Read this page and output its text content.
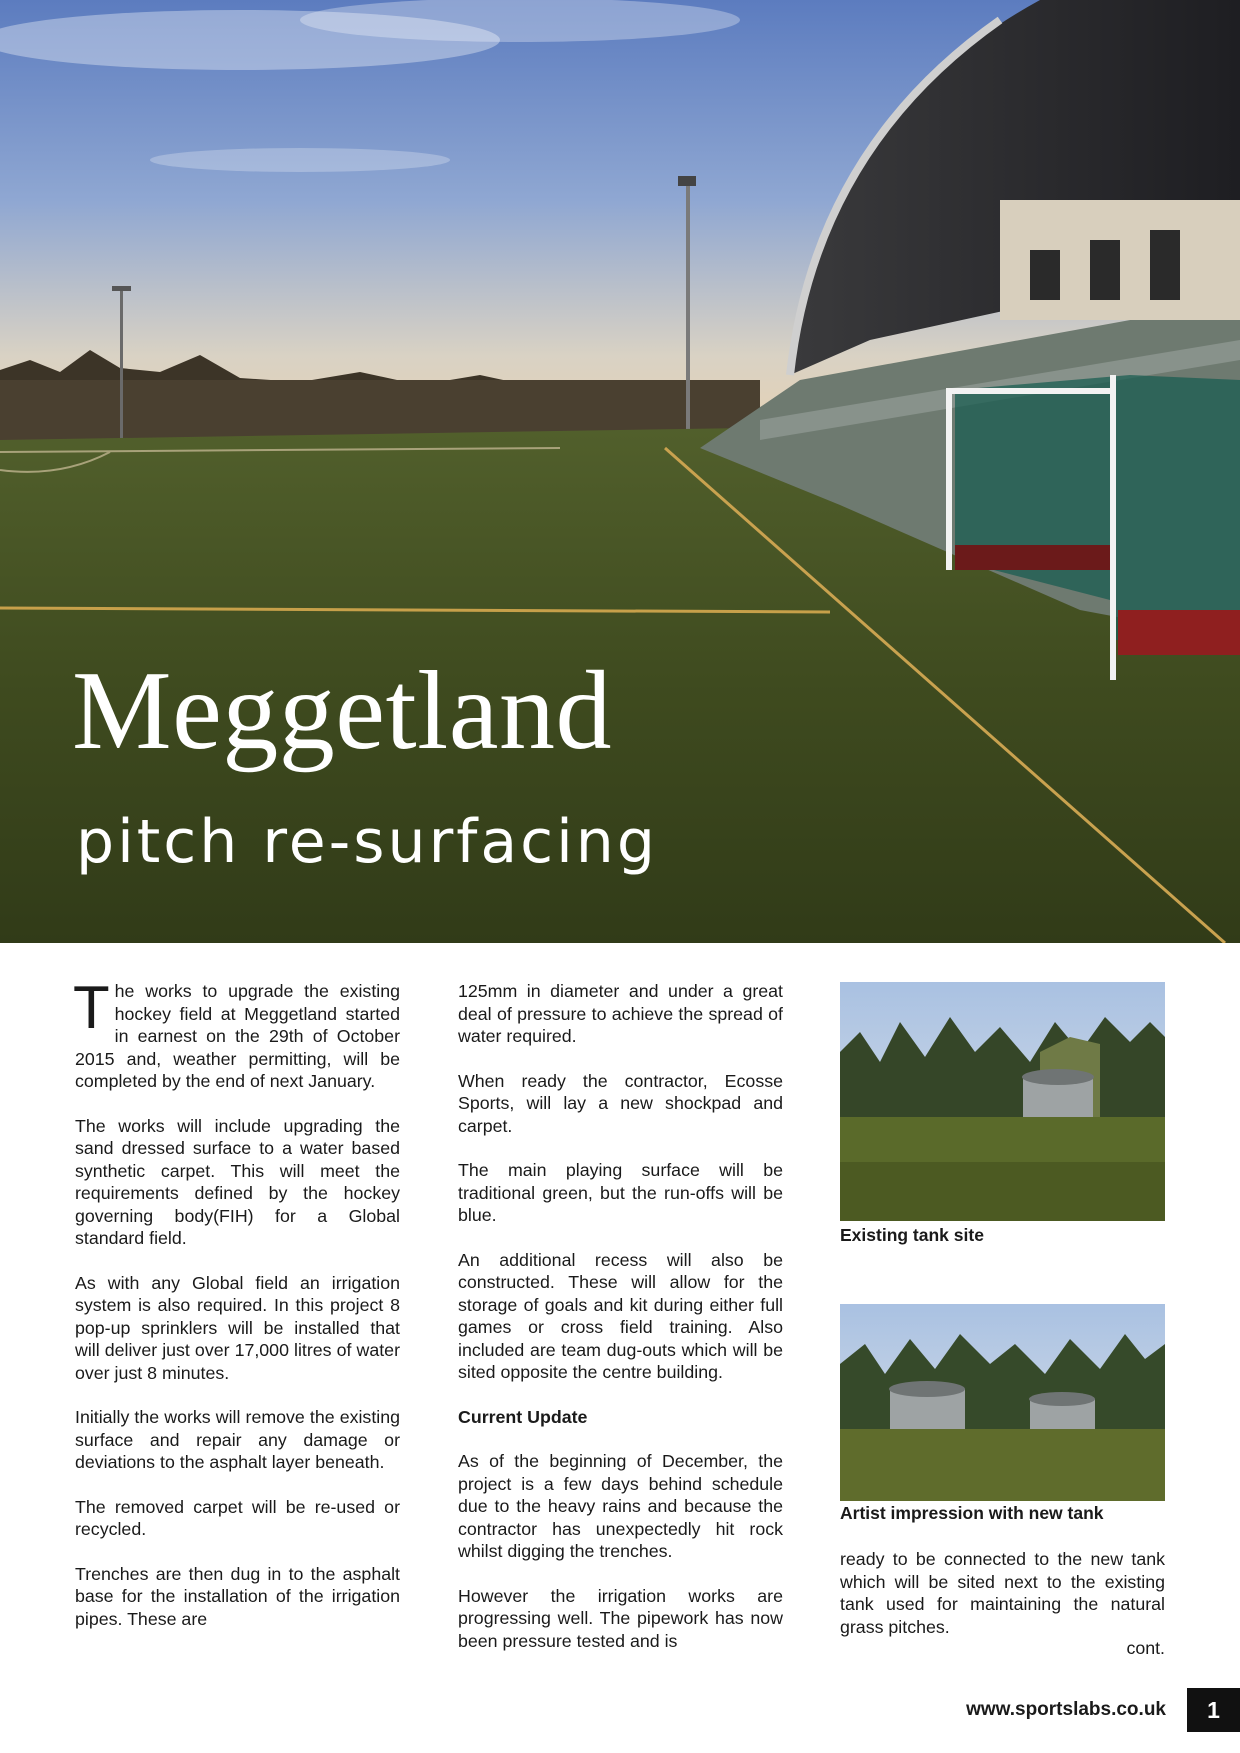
Meggetland
pitch re-surfacing

The works to upgrade the existing hockey field at Meggetland started in earnest on the 29th of October 2015 and, weather permitting, will be completed by the end of next January.

The works will include upgrading the sand dressed surface to a water based synthetic carpet. This will meet the requirements defined by the hockey governing body(FIH) for a Global standard field.

As with any Global field an irrigation system is also required. In this project 8 pop-up sprinklers will be installed that will deliver just over 17,000 litres of water over just 8 minutes.

Initially the works will remove the existing surface and repair any damage or deviations to the asphalt layer beneath.

The removed carpet will be re-used or recycled.

Trenches are then dug in to the asphalt base for the installation of the irrigation pipes. These are

125mm in diameter and under a great deal of pressure to achieve the spread of water required.

When ready the contractor, Ecosse Sports, will lay a new shockpad and carpet.

The main playing surface will be traditional green, but the run-offs will be blue.

An additional recess will also be constructed. These will allow for the storage of goals and kit during either full games or cross field training. Also included are team dug-outs which will be sited opposite the centre building.

Current Update

As of the beginning of December, the project is a few days behind schedule due to the heavy rains and because the contractor has unexpectedly hit rock whilst digging the trenches.

However the irrigation works are progressing well. The pipework has now been pressure tested and is

Existing tank site

Artist impression with new tank

ready to be connected to the new tank which will be sited next to the existing tank used for maintaining the natural grass pitches.

cont.

www.sportslabs.co.uk 1
